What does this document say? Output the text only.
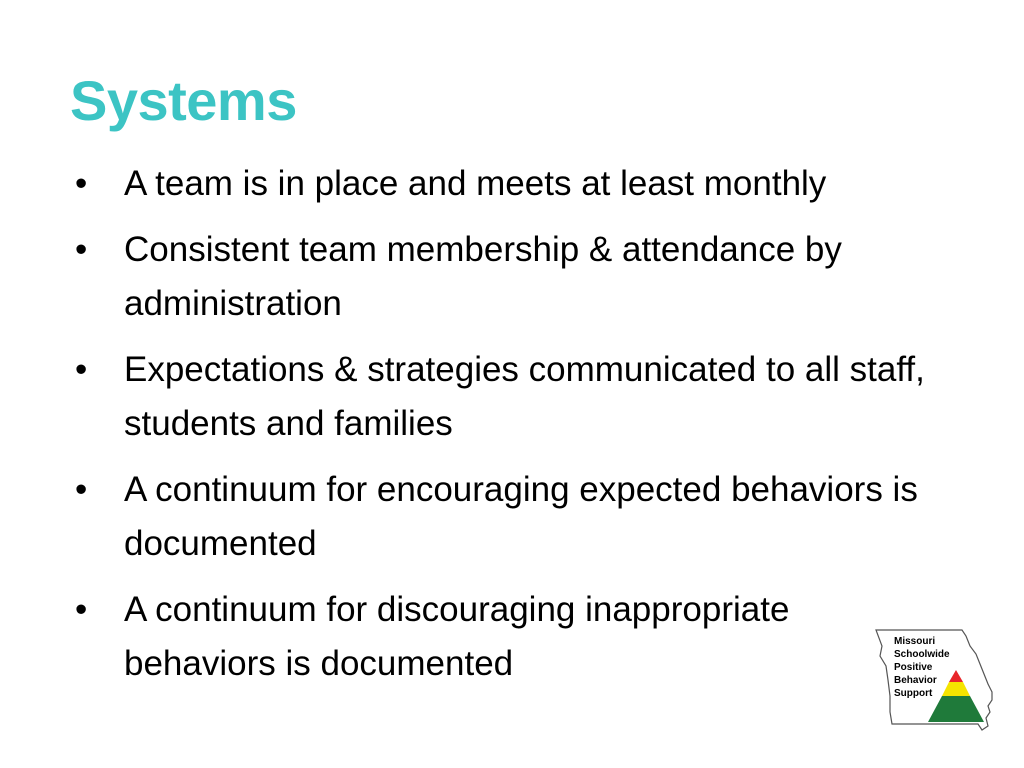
Systems
• A team is in place and meets at least monthly
• Consistent team membership & attendance by administration
• Expectations & strategies communicated to all staff, students and families
• A continuum for encouraging expected behaviors is documented
• A continuum for discouraging inappropriate behaviors is documented
Missouri
Schoolwide
Positive
Behavior
Support
